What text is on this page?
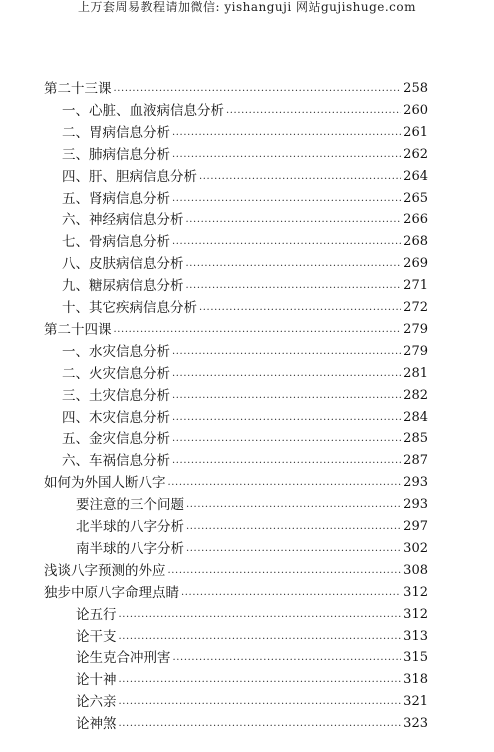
上万套周易教程请加微信: yishanguji 网站gujishuge.com
第二十三课 ·····	258
一、心脏、血液病信息分析 ·····	260
二、胃病信息分析 ·····	261
三、肺病信息分析 ·····	262
四、肝、胆病信息分析 ·····	264
五、肾病信息分析 ·····	265
六、神经病信息分析 ·····	266
七、骨病信息分析 ·····	268
八、皮肤病信息分析 ·····	269
九、糖尿病信息分析 ·····	271
十、其它疾病信息分析 ·····	272
第二十四课 ·····	279
一、水灾信息分析 ·····	279
二、火灾信息分析 ·····	281
三、土灾信息分析 ·····	282
四、木灾信息分析 ·····	284
五、金灾信息分析 ·····	285
六、车祸信息分析 ·····	287
如何为外国人断八字 ·····	293
要注意的三个问题 ·····	293
北半球的八字分析 ·····	297
南半球的八字分析 ·····	302
浅谈八字预测的外应 ·····	308
独步中原八字命理点睛 ·····	312
论五行 ·····	312
论干支 ·····	313
论生克合冲刑害 ·····	315
论十神 ·····	318
论六亲 ·····	321
论神煞 ·····	323
